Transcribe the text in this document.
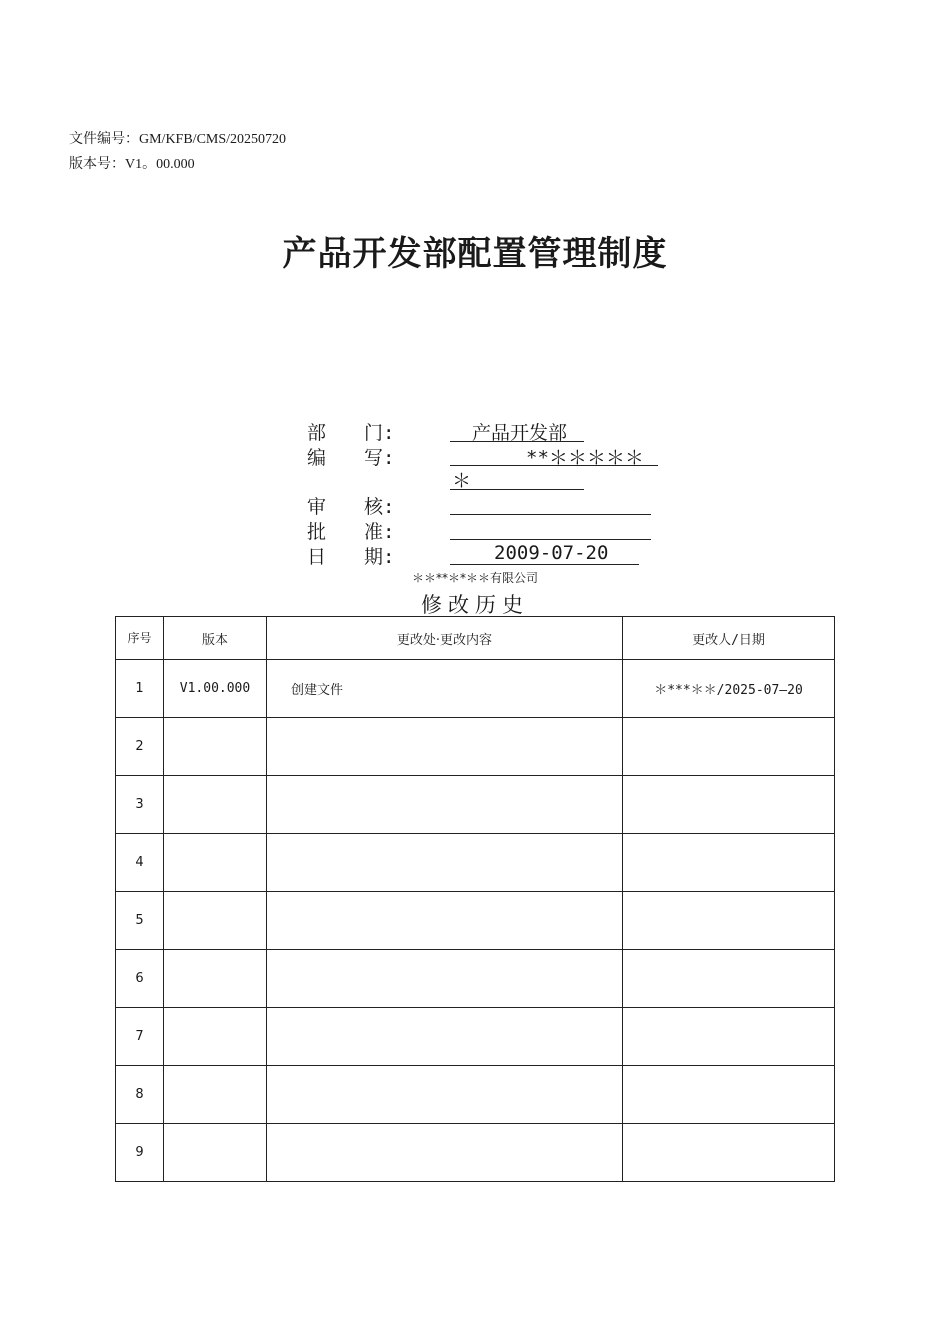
文件编号：GM/KFB/CMS/20250720
版本号：V1。00.000
产品开发部配置管理制度
部　　门:	产品开发部
编　　写:	**＊＊＊＊＊
＊
审　　核:
批　　准:
日　　期:	2009-07-20
＊＊**＊*＊＊有限公司
修改历史
序号	版本	更改处·更改内容	更改人/日期
1	V1.00.000	创建文件	＊***＊＊/2025-07—20
2			
3			
4			
5			
6			
7			
8			
9			
